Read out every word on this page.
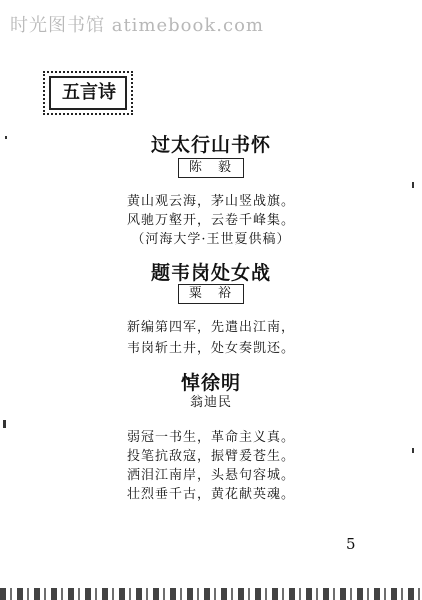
时光图书馆 atimebook.com
五言诗
过太行山书怀
陈 毅
黄山观云海，茅山竖战旗。
风驰万壑开，云卷千峰集。
（河海大学·王世夏供稿）
题韦岗处女战
粟 裕
新编第四军，先遣出江南，
韦岗斩土井，处女奏凯还。
悼徐明
翁迪民
弱冠一书生，革命主义真。
投笔抗敌寇，振臂爰苍生。
洒泪江南岸，头悬句容城。
壮烈垂千古，黄花献英魂。
5
